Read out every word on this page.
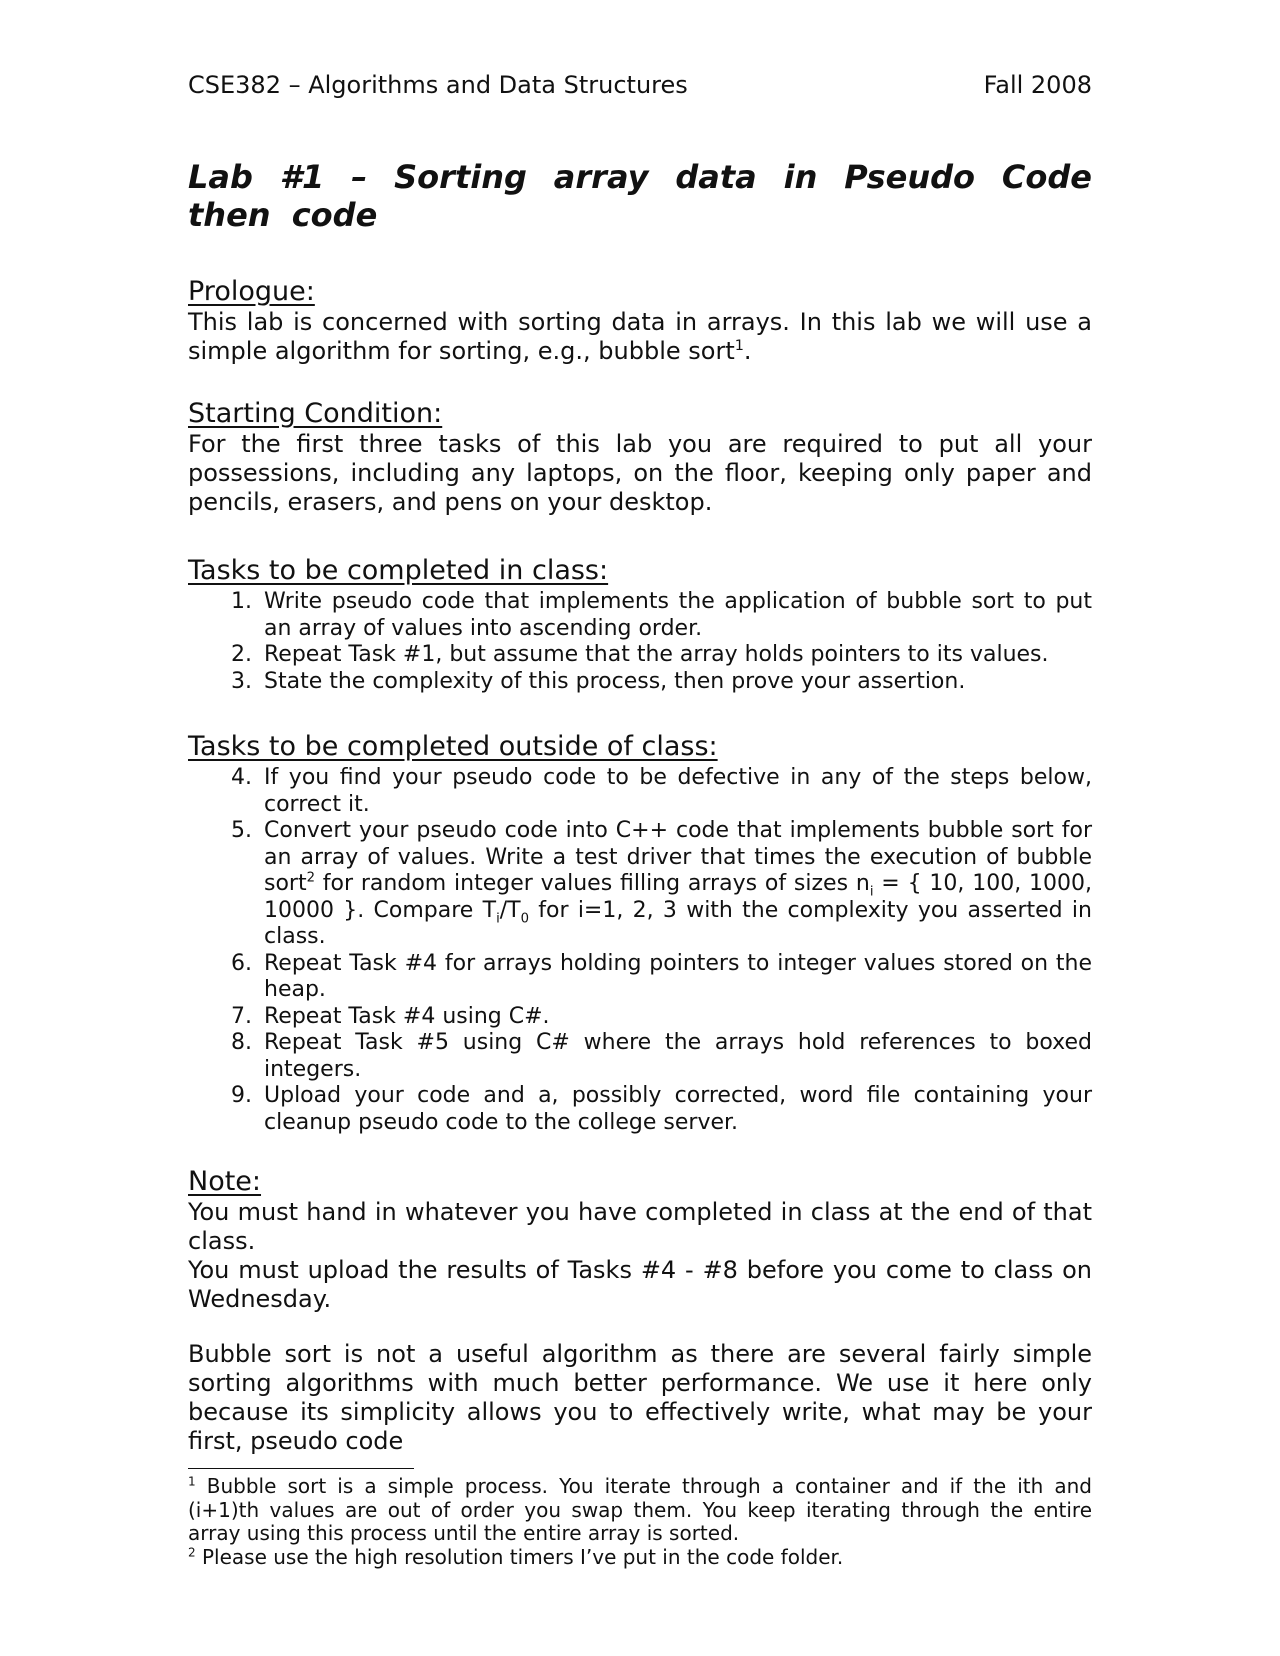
CSE382 – Algorithms and Data Structures	Fall 2008
Lab #1 – Sorting array data in Pseudo Code then code
Prologue:
This lab is concerned with sorting data in arrays. In this lab we will use a simple algorithm for sorting, e.g., bubble sort$^1$.
Starting Condition:
For the first three tasks of this lab you are required to put all your possessions, including any laptops, on the floor, keeping only paper and pencils, erasers, and pens on your desktop.
Tasks to be completed in class:
1. Write pseudo code that implements the application of bubble sort to put an array of values into ascending order.
2. Repeat Task #1, but assume that the array holds pointers to its values.
3. State the complexity of this process, then prove your assertion.
Tasks to be completed outside of class:
4. If you find your pseudo code to be defective in any of the steps below, correct it.
5. Convert your pseudo code into C++ code that implements bubble sort for an array of values. Write a test driver that times the execution of bubble sort$^2$ for random integer values filling arrays of sizes $n_i$ = { 10, 100, 1000, 10000 }. Compare $T_i/T_0$ for i=1, 2, 3 with the complexity you asserted in class.
6. Repeat Task #4 for arrays holding pointers to integer values stored on the heap.
7. Repeat Task #4 using C#.
8. Repeat Task #5 using C# where the arrays hold references to boxed integers.
9. Upload your code and a, possibly corrected, word file containing your cleanup pseudo code to the college server.
Note:
You must hand in whatever you have completed in class at the end of that class.
You must upload the results of Tasks #4 - #8 before you come to class on Wednesday.
Bubble sort is not a useful algorithm as there are several fairly simple sorting algorithms with much better performance. We use it here only because its simplicity allows you to effectively write, what may be your first, pseudo code
$^1$ Bubble sort is a simple process. You iterate through a container and if the ith and (i+1)th values are out of order you swap them. You keep iterating through the entire array using this process until the entire array is sorted.
$^2$ Please use the high resolution timers I’ve put in the code folder.
